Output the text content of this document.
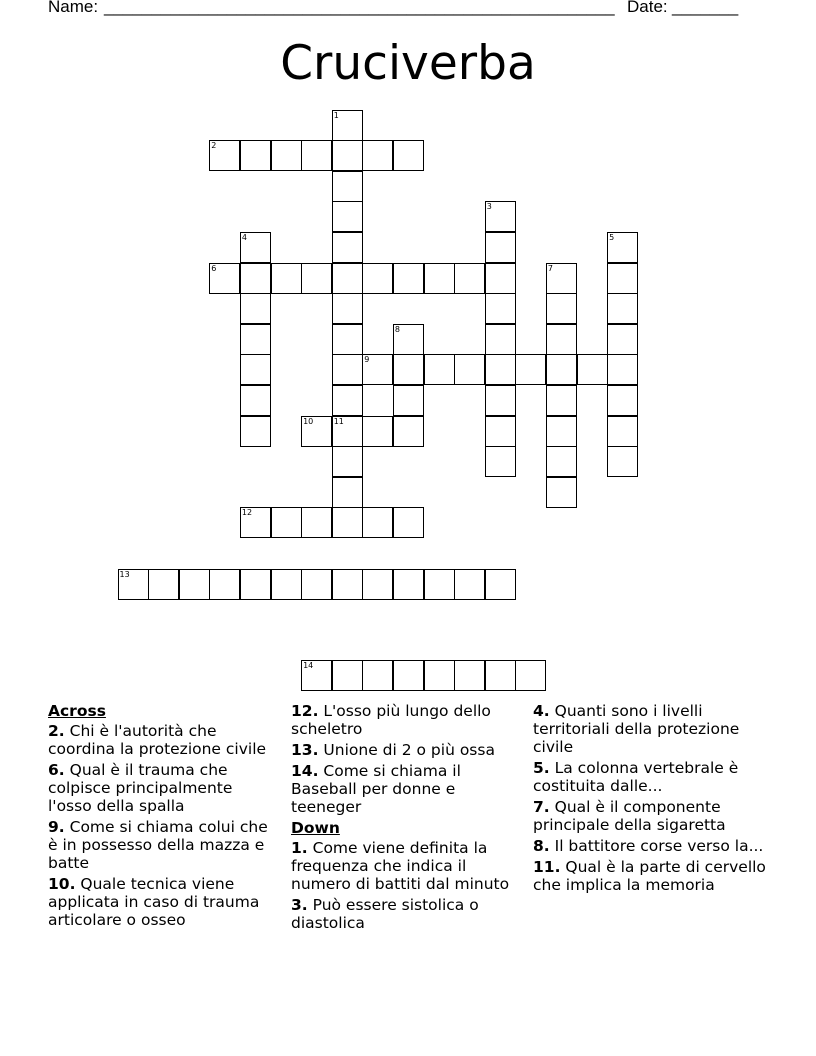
Name: ______________________________________________________ Date: _______
Cruciverba
1
11
2
3
4	5
6	7
8
9
10
12
13
14
Across
2. Chi è l'autorità che coordina la protezione civile
6. Qual è il trauma che colpisce principalmente l'osso della spalla
9. Come si chiama colui che è in possesso della mazza e batte
10. Quale tecnica viene applicata in caso di trauma articolare o osseo
12. L'osso più lungo dello scheletro
13. Unione di 2 o più ossa
14. Come si chiama il Baseball per donne e teeneger
Down
1. Come viene definita la frequenza che indica il numero di battiti dal minuto
3. Può essere sistolica o diastolica
4. Quanti sono i livelli territoriali della protezione civile
5. La colonna vertebrale è costituita dalle...
7. Qual è il componente principale della sigaretta
8. Il battitore corse verso la...
11. Qual è la parte di cervello che implica la memoria
